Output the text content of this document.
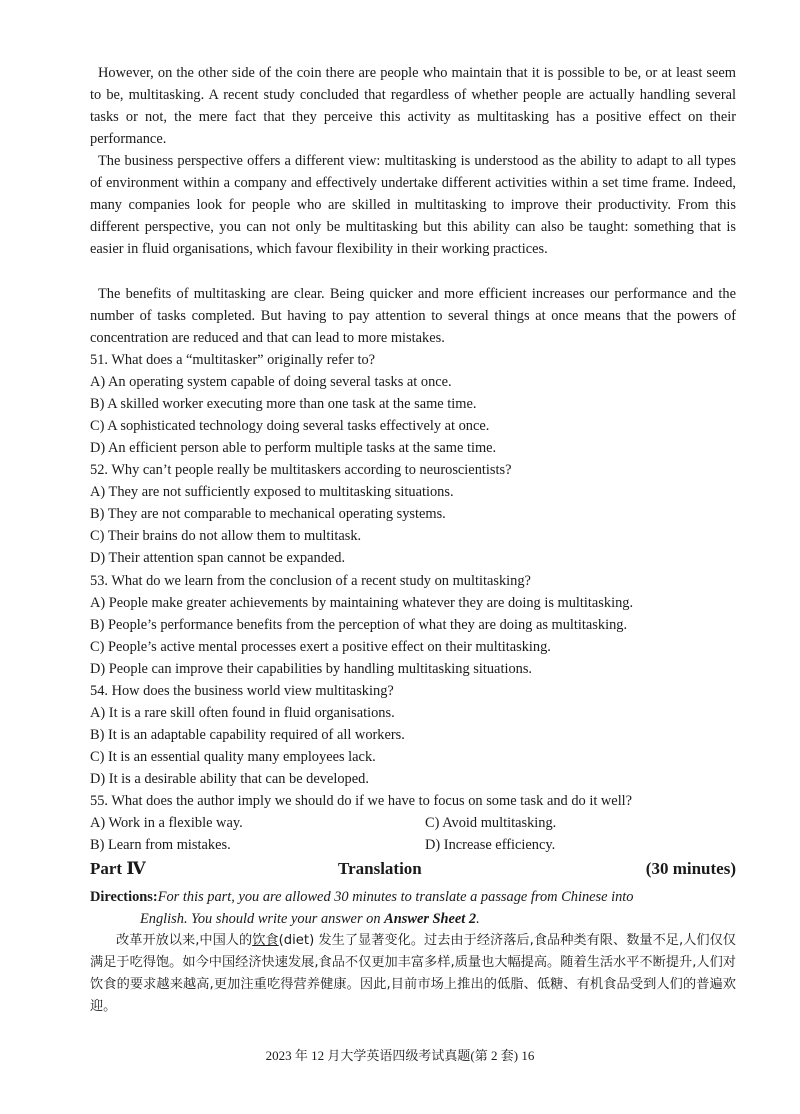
However, on the other side of the coin there are people who maintain that it is possible to be, or at least seem to be, multitasking. A recent study concluded that regardless of whether people are actually handling several tasks or not, the mere fact that they perceive this activity as multitasking has a positive effect on their performance.

The business perspective offers a different view: multitasking is understood as the ability to adapt to all types of environment within a company and effectively undertake different activities within a set time frame. Indeed, many companies look for people who are skilled in multitasking to improve their productivity. From this different perspective, you can not only be multitasking but this ability can also be taught: something that is easier in fluid organisations, which favour flexibility in their working practices.

The benefits of multitasking are clear. Being quicker and more efficient increases our performance and the number of tasks completed. But having to pay attention to several things at once means that the powers of concentration are reduced and that can lead to more mistakes.

51. What does a “multitasker” originally refer to?
A) An operating system capable of doing several tasks at once.
B) A skilled worker executing more than one task at the same time.
C) A sophisticated technology doing several tasks effectively at once.
D) An efficient person able to perform multiple tasks at the same time.
52. Why can’t people really be multitaskers according to neuroscientists?
A) They are not sufficiently exposed to multitasking situations.
B) They are not comparable to mechanical operating systems.
C) Their brains do not allow them to multitask.
D) Their attention span cannot be expanded.
53. What do we learn from the conclusion of a recent study on multitasking?
A) People make greater achievements by maintaining whatever they are doing is multitasking.
B) People’s performance benefits from the perception of what they are doing as multitasking.
C) People’s active mental processes exert a positive effect on their multitasking.
D) People can improve their capabilities by handling multitasking situations.
54. How does the business world view multitasking?
A) It is a rare skill often found in fluid organisations.
B) It is an adaptable capability required of all workers.
C) It is an essential quality many employees lack.
D) It is a desirable ability that can be developed.
55. What does the author imply we should do if we have to focus on some task and do it well?
A) Work in a flexible way.	C) Avoid multitasking.
B) Learn from mistakes.	D) Increase efficiency.
Part Ⅳ	Translation	(30 minutes)
Directions:For this part, you are allowed 30 minutes to translate a passage from Chinese into
English. You should write your answer on Answer Sheet 2.
改革开放以来,中国人的饮食(diet) 发生了显著变化。过去由于经济落后,食品种类有限、数量不足,人们仅仅满足于吃得饱。如今中国经济快速发展,食品不仅更加丰富多样,质量也大幅提高。随着生活水平不断提升,人们对饮食的要求越来越高,更加注重吃得营养健康。因此,目前市场上推出的低脂、低糖、有机食品受到人们的普遍欢迎。
2023 年 12 月大学英语四级考试真题(第 2 套) 16
